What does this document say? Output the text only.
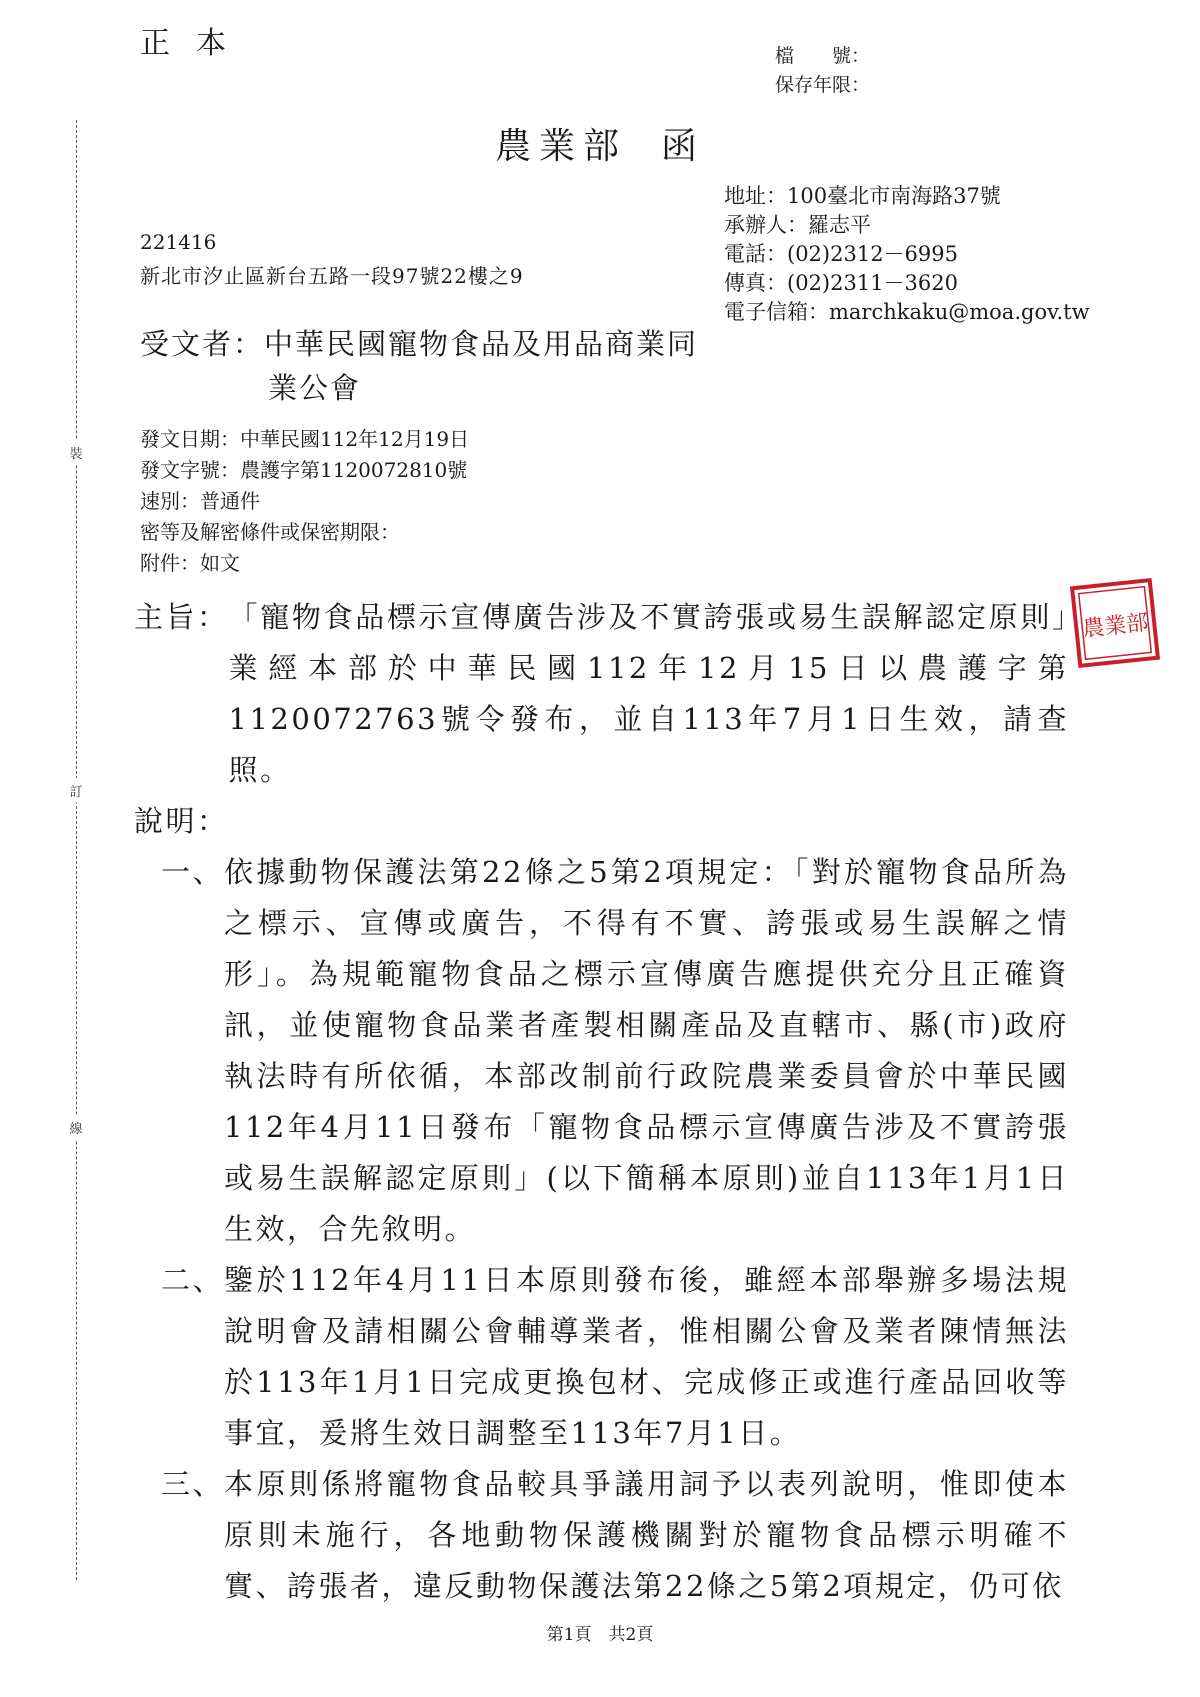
正本	檔　　號：
保存年限：
裝
訂
線
農業部 函
地址：100臺北市南海路37號
承辦人：羅志平
電話：(02)2312－6995
傳真：(02)2311－3620
電子信箱：marchkaku@moa.gov.tw
221416
新北市汐止區新台五路一段97號22樓之9
受文者：中華民國寵物食品及用品商業同
業公會
發文日期：中華民國112年12月19日
發文字號：農護字第1120072810號
速別：普通件
密等及解密條件或保密期限：
附件：如文
主旨： 「寵物食品標示宣傳廣告涉及不實誇張或易生誤解認定原則」業經本部於中華民國112年12月15日以農護字第1120072763號令發布，並自113年7月1日生效，請查照。
說明：
一、 依據動物保護法第22條之5第2項規定：「對於寵物食品所為之標示、宣傳或廣告，不得有不實、誇張或易生誤解之情形」。為規範寵物食品之標示宣傳廣告應提供充分且正確資訊，並使寵物食品業者產製相關產品及直轄市、縣(市)政府執法時有所依循，本部改制前行政院農業委員會於中華民國112年4月11日發布「寵物食品標示宣傳廣告涉及不實誇張或易生誤解認定原則」(以下簡稱本原則)並自113年1月1日生效，合先敘明。
二、 鑒於112年4月11日本原則發布後，雖經本部舉辦多場法規說明會及請相關公會輔導業者，惟相關公會及業者陳情無法於113年1月1日完成更換包材、完成修正或進行產品回收等事宜，爰將生效日調整至113年7月1日。
三、 本原則係將寵物食品較具爭議用詞予以表列說明，惟即使本原則未施行，各地動物保護機關對於寵物食品標示明確不實、誇張者，違反動物保護法第22條之5第2項規定，仍可依
農業部
第1頁　 共2頁
